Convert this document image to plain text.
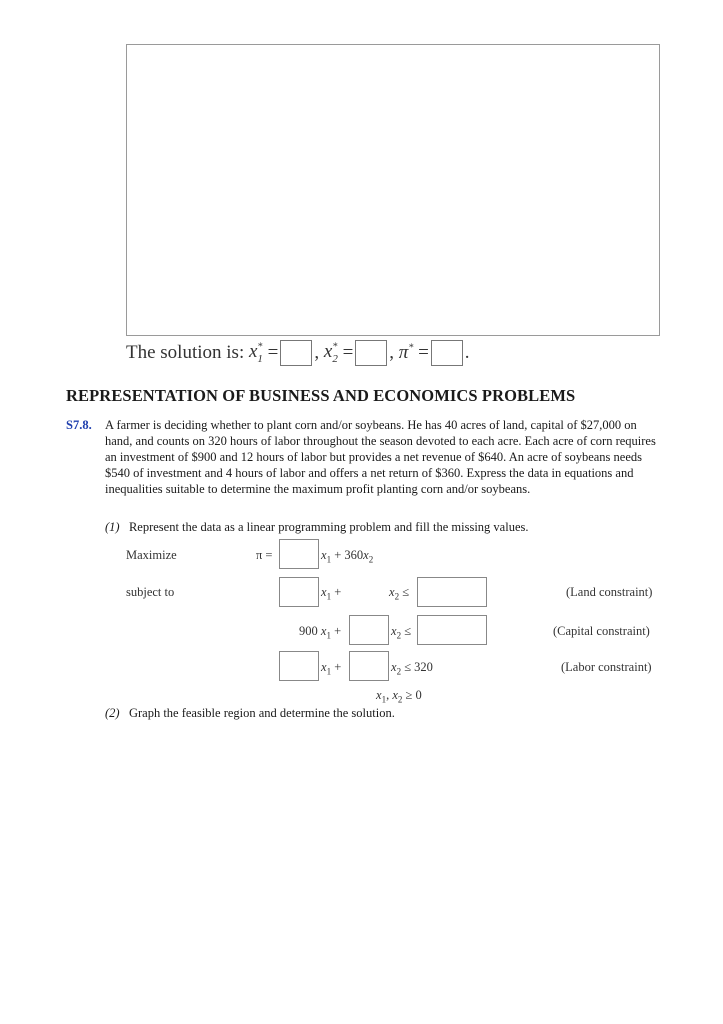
The solution is:
$x^*_1$
= ,
$x^*_2$
= ,
π*
= .
REPRESENTATION OF BUSINESS AND ECONOMICS PROBLEMS
S7.8. A farmer is deciding whether to plant corn and/or soybeans. He has 40 acres of land, capital of $27,000 on hand, and counts on 320 hours of labor throughout the season devoted to each acre. Each acre of corn requires an investment of $900 and 12 hours of labor but provides a net revenue of $640. An acre of soybeans needs $540 of investment and 4 hours of labor and offers a net return of $360. Express the data in equations and inequalities suitable to determine the maximum profit planting corn and/or soybeans.
(1) Represent the data as a linear programming problem and fill the missing values.
Maximize	π =	$x_1 + 360x_2$
subject to	$x_1$ +	$x_2$ ≤	(Land constraint)
900 $x_1$ +	$x_2$ ≤	(Capital constraint)
$x_1$ +	$x_2 \le 320$	(Labor constraint)
$x_1$, $x_2 \ge 0$
(2) Graph the feasible region and determine the solution.
